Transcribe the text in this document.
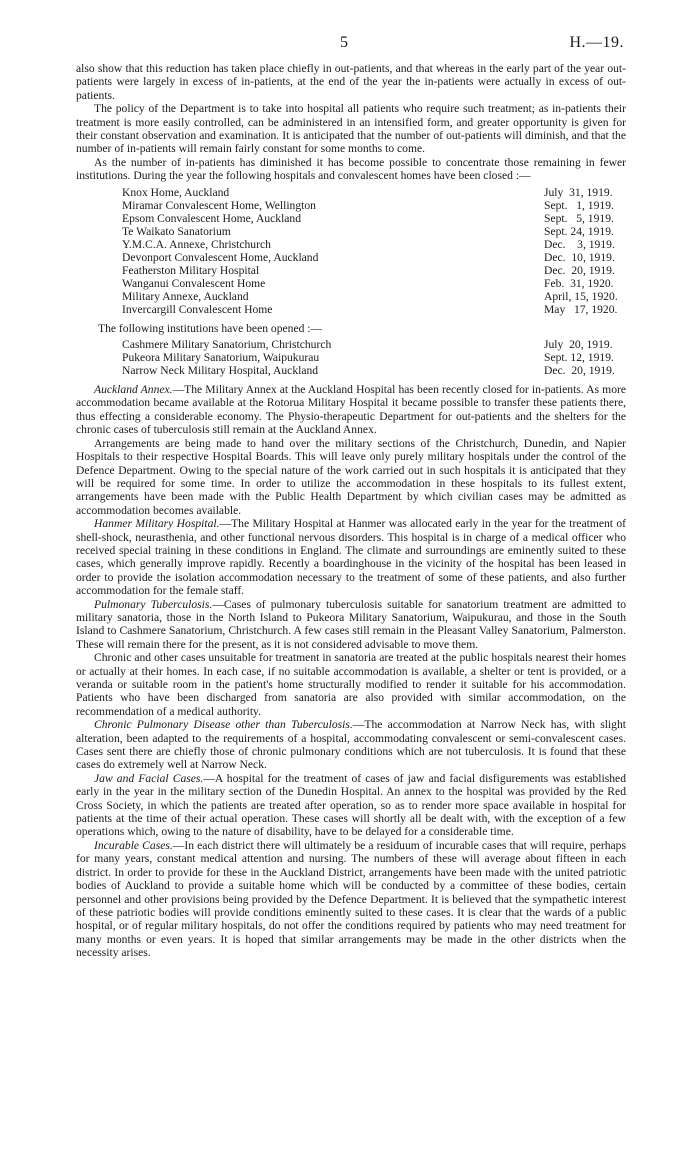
5	H.—19.

also show that this reduction has taken place chiefly in out-patients, and that whereas in the early part of the year out-patients were largely in excess of in-patients, at the end of the year the in-patients were actually in excess of out-patients.

The policy of the Department is to take into hospital all patients who require such treatment; as in-patients their treatment is more easily controlled, can be administered in an intensified form, and greater opportunity is given for their constant observation and examination. It is anticipated that the number of out-patients will diminish, and that the number of in-patients will remain fairly constant for some months to come.

As the number of in-patients has diminished it has become possible to concentrate those remaining in fewer institutions. During the year the following hospitals and convalescent homes have been closed :—

Knox Home, Auckland	July  31, 1919.
Miramar Convalescent Home, Wellington	Sept.   1, 1919.
Epsom Convalescent Home, Auckland	Sept.   5, 1919.
Te Waikato Sanatorium	Sept. 24, 1919.
Y.M.C.A. Annexe, Christchurch	Dec.    3, 1919.
Devonport Convalescent Home, Auckland	Dec.  10, 1919.
Featherston Military Hospital	Dec.  20, 1919.
Wanganui Convalescent Home	Feb.  31, 1920.
Military Annexe, Auckland	April, 15, 1920.
Invercargill Convalescent Home	May   17, 1920.
The following institutions have been opened :—
Cashmere Military Sanatorium, Christchurch	July  20, 1919.
Pukeora Military Sanatorium, Waipukurau	Sept. 12, 1919.
Narrow Neck Military Hospital, Auckland	Dec.  20, 1919.

Auckland Annex.—The Military Annex at the Auckland Hospital has been recently closed for in-patients. As more accommodation became available at the Rotorua Military Hospital it became possible to transfer these patients there, thus effecting a considerable economy. The Physio-therapeutic Department for out-patients and the shelters for the chronic cases of tuberculosis still remain at the Auckland Annex.

Arrangements are being made to hand over the military sections of the Christchurch, Dunedin, and Napier Hospitals to their respective Hospital Boards. This will leave only purely military hospitals under the control of the Defence Department. Owing to the special nature of the work carried out in such hospitals it is anticipated that they will be required for some time. In order to utilize the accommodation in these hospitals to its fullest extent, arrangements have been made with the Public Health Department by which civilian cases may be admitted as accommodation becomes available.

Hanmer Military Hospital.—The Military Hospital at Hanmer was allocated early in the year for the treatment of shell-shock, neurasthenia, and other functional nervous disorders. This hospital is in charge of a medical officer who received special training in these conditions in England. The climate and surroundings are eminently suited to these cases, which generally improve rapidly. Recently a boardinghouse in the vicinity of the hospital has been leased in order to provide the isolation accommodation necessary to the treatment of some of these patients, and also further accommodation for the female staff.

Pulmonary Tuberculosis.—Cases of pulmonary tuberculosis suitable for sanatorium treatment are admitted to military sanatoria, those in the North Island to Pukeora Military Sanatorium, Waipukurau, and those in the South Island to Cashmere Sanatorium, Christchurch. A few cases still remain in the Pleasant Valley Sanatorium, Palmerston. These will remain there for the present, as it is not considered advisable to move them.

Chronic and other cases unsuitable for treatment in sanatoria are treated at the public hospitals nearest their homes or actually at their homes. In each case, if no suitable accommodation is available, a shelter or tent is provided, or a veranda or suitable room in the patient's home structurally modified to render it suitable for his accommodation. Patients who have been discharged from sanatoria are also provided with similar accommodation, on the recommendation of a medical authority.

Chronic Pulmonary Disease other than Tuberculosis.—The accommodation at Narrow Neck has, with slight alteration, been adapted to the requirements of a hospital, accommodating convalescent or semi-convalescent cases. Cases sent there are chiefly those of chronic pulmonary conditions which are not tuberculosis. It is found that these cases do extremely well at Narrow Neck.

Jaw and Facial Cases.—A hospital for the treatment of cases of jaw and facial disfigurements was established early in the year in the military section of the Dunedin Hospital. An annex to the hospital was provided by the Red Cross Society, in which the patients are treated after operation, so as to render more space available in hospital for patients at the time of their actual operation. These cases will shortly all be dealt with, with the exception of a few operations which, owing to the nature of disability, have to be delayed for a considerable time.

Incurable Cases.—In each district there will ultimately be a residuum of incurable cases that will require, perhaps for many years, constant medical attention and nursing. The numbers of these will average about fifteen in each district. In order to provide for these in the Auckland District, arrangements have been made with the united patriotic bodies of Auckland to provide a suitable home which will be conducted by a committee of these bodies, certain personnel and other provisions being provided by the Defence Department. It is believed that the sympathetic interest of these patriotic bodies will provide conditions eminently suited to these cases. It is clear that the wards of a public hospital, or of regular military hospitals, do not offer the conditions required by patients who may need treatment for many months or even years. It is hoped that similar arrangements may be made in the other districts when the necessity arises.
